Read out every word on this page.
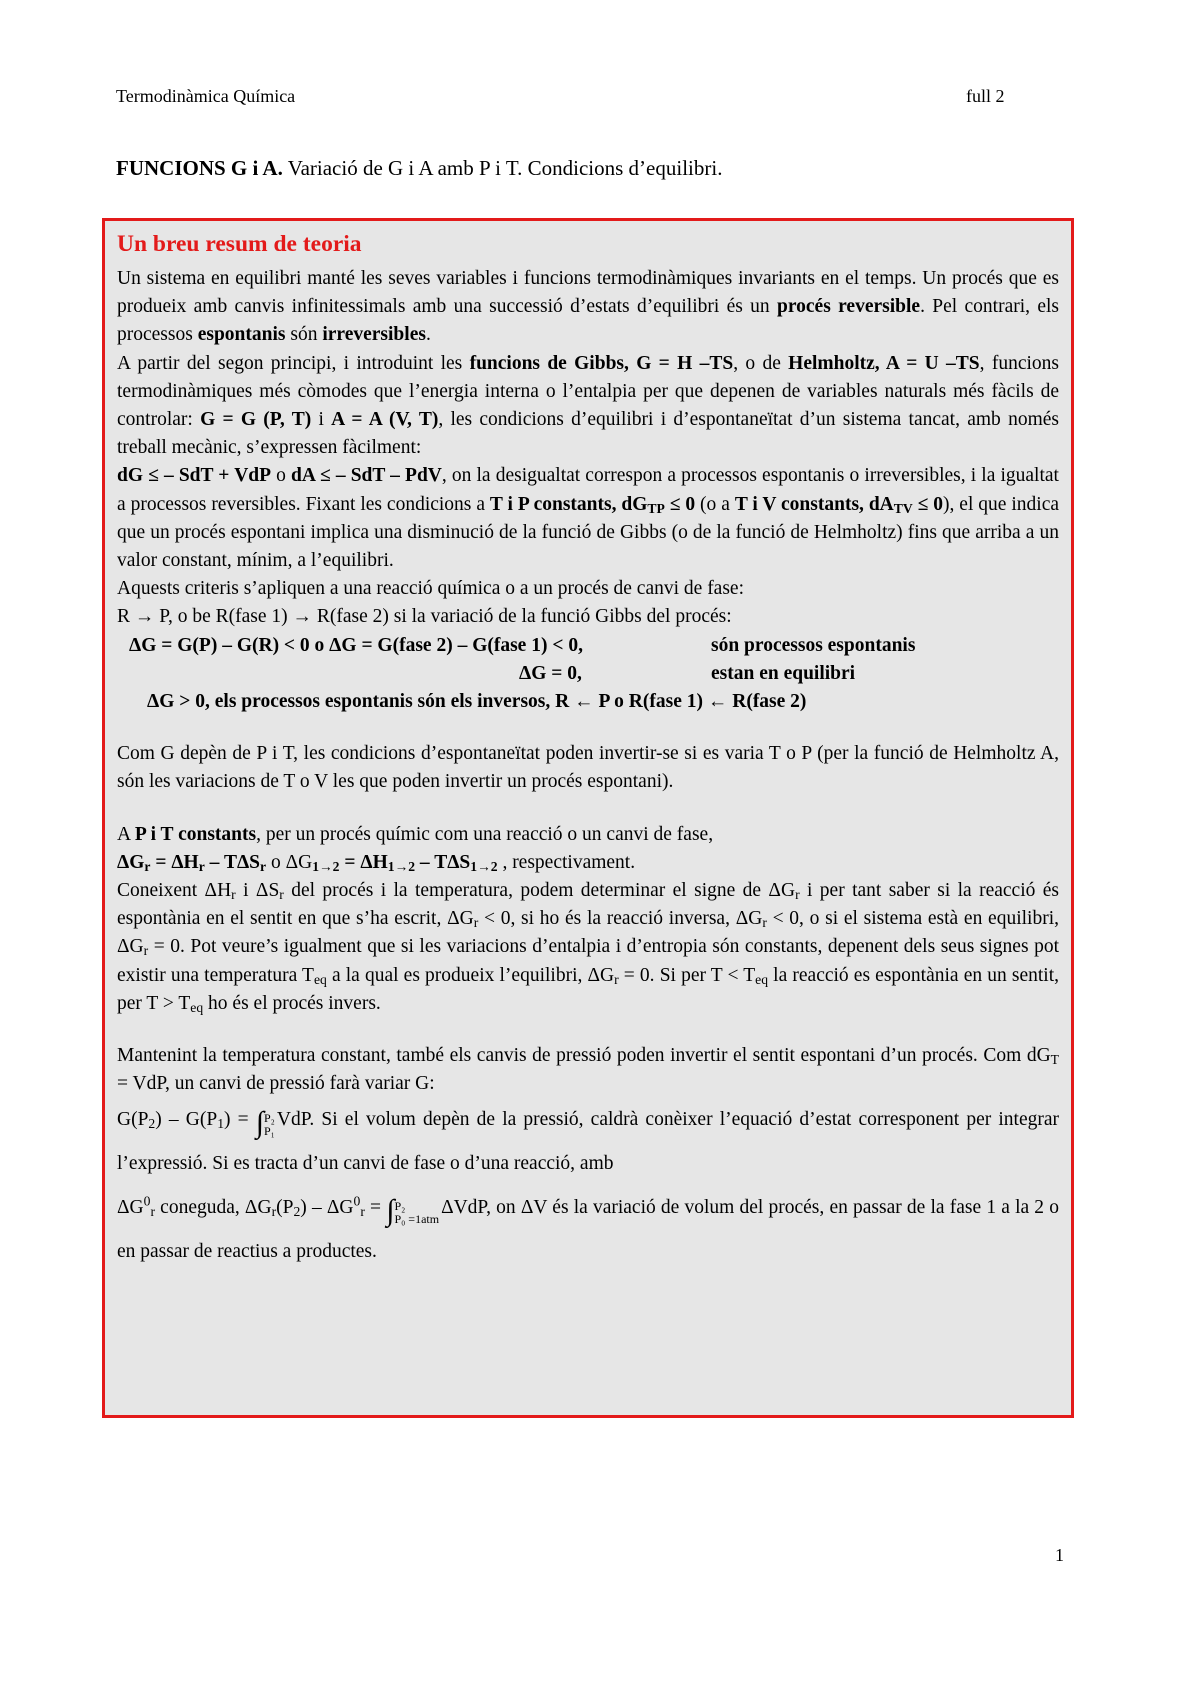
Termodinàmica Química	full 2
FUNCIONS G i A. Variació de G i A amb P i T. Condicions d’equilibri.
Un breu resum de teoria

Un sistema en equilibri manté les seves variables i funcions termodinàmiques invariants en el temps. Un procés que es produeix amb canvis infinitessimals amb una successió d’estats d’equilibri és un procés reversible. Pel contrari, els processos espontanis són irreversibles.

A partir del segon principi, i introduint les funcions de Gibbs, G = H –TS, o de Helmholtz, A = U –TS, funcions termodinàmiques més còmodes que l’energia interna o l’entalpia per que depenen de variables naturals més fàcils de controlar: G = G (P, T) i A = A (V, T), les condicions d’equilibri i d’espontaneïtat d’un sistema tancat, amb només treball mecànic, s’expressen fàcilment:

dG ≤ – SdT + VdP o dA ≤ – SdT – PdV, on la desigualtat correspon a processos espontanis o irreversibles, i la igualtat a processos reversibles. Fixant les condicions a T i P constants, $dG_{TP} \le 0$ (o a T i V constants, $dA_{TV} \le 0$), el que indica que un procés espontani implica una disminució de la funció de Gibbs (o de la funció de Helmholtz) fins que arriba a un valor constant, mínim, a l’equilibri.

Aquests criteris s’apliquen a una reacció química o a un procés de canvi de fase:

R → P, o be R(fase 1) → R(fase 2) si la variació de la funció Gibbs del procés:

ΔG = G(P) – G(R) < 0 o ΔG = G(fase 2) – G(fase 1) < 0,	són processos espontanis
ΔG = 0,	estan en equilibri
ΔG > 0, els processos espontanis són els inversos, R ← P o R(fase 1) ← R(fase 2)

Com G depèn de P i T, les condicions d’espontaneïtat poden invertir-se si es varia T o P (per la funció de Helmholtz A, són les variacions de T o V les que poden invertir un procés espontani).

A P i T constants, per un procés químic com una reacció o un canvi de fase,

$\Delta G_r = \Delta H_r - T\Delta S_r$ o $\Delta G_{1\to 2} = \Delta H_{1\to 2} - T\Delta S_{1\to 2}$ , respectivament.

Coneixent $\Delta H_r$ i $\Delta S_r$ del procés i la temperatura, podem determinar el signe de $\Delta G_r$ i per tant saber si la reacció és espontània en el sentit en que s’ha escrit, $\Delta G_r < 0$, si ho és la reacció inversa, $\Delta G_r < 0$, o si el sistema està en equilibri, $\Delta G_r = 0$. Pot veure’s igualment que si les variacions d’entalpia i d’entropia són constants, depenent dels seus signes pot existir una temperatura $T_{eq}$ a la qual es produeix l’equilibri, $\Delta G_r = 0$. Si per $T < T_{eq}$ la reacció es espontània en un sentit, per $T > T_{eq}$ ho és el procés invers.

Mantenint la temperatura constant, també els canvis de pressió poden invertir el sentit espontani d’un procés. Com $dG_T$ = VdP, un canvi de pressió farà variar G:

$G(P_2) - G(P_1) = \int P_2$
P₁VdP. Si el volum depèn de la pressió, caldrà conèixer l’equació d’estat corresponent per integrar l’expressió. Si es tracta d’un canvi de fase o d’una reacció, amb

$\Delta G^0_r$ coneguda, $\Delta G_r(P_2) - \Delta G^0_r = \int P_2$
P₀ =1atmΔVdP, on ΔV és la variació de volum del procés, en passar de la fase 1 a la 2 o en passar de reactius a productes.

1
